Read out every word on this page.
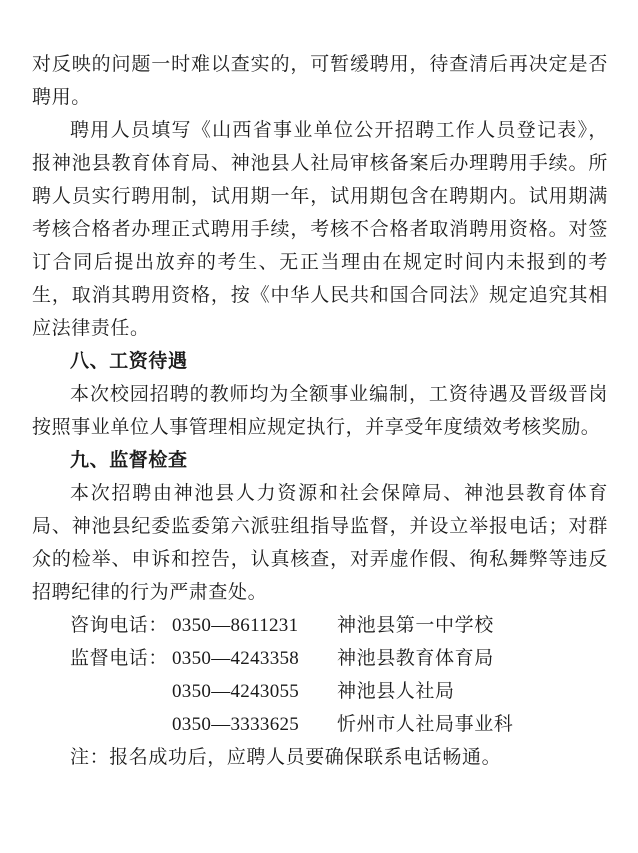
对反映的问题一时难以查实的，可暂缓聘用，待查清后再决定是否聘用。

聘用人员填写《山西省事业单位公开招聘工作人员登记表》，报神池县教育体育局、神池县人社局审核备案后办理聘用手续。所聘人员实行聘用制，试用期一年，试用期包含在聘期内。试用期满考核合格者办理正式聘用手续，考核不合格者取消聘用资格。对签订合同后提出放弃的考生、无正当理由在规定时间内未报到的考生，取消其聘用资格，按《中华人民共和国合同法》规定追究其相应法律责任。

八、工资待遇

本次校园招聘的教师均为全额事业编制，工资待遇及晋级晋岗按照事业单位人事管理相应规定执行，并享受年度绩效考核奖励。

九、监督检查

本次招聘由神池县人力资源和社会保障局、神池县教育体育局、神池县纪委监委第六派驻组指导监督，并设立举报电话；对群众的检举、申诉和控告，认真核查，对弄虚作假、徇私舞弊等违反招聘纪律的行为严肃查处。

咨询电话： 0350—8611231	神池县第一中学校
监督电话： 0350—4243358	神池县教育体育局
0350—4243055	神池县人社局
0350—3333625	忻州市人社局事业科

注：报名成功后，应聘人员要确保联系电话畅通。
